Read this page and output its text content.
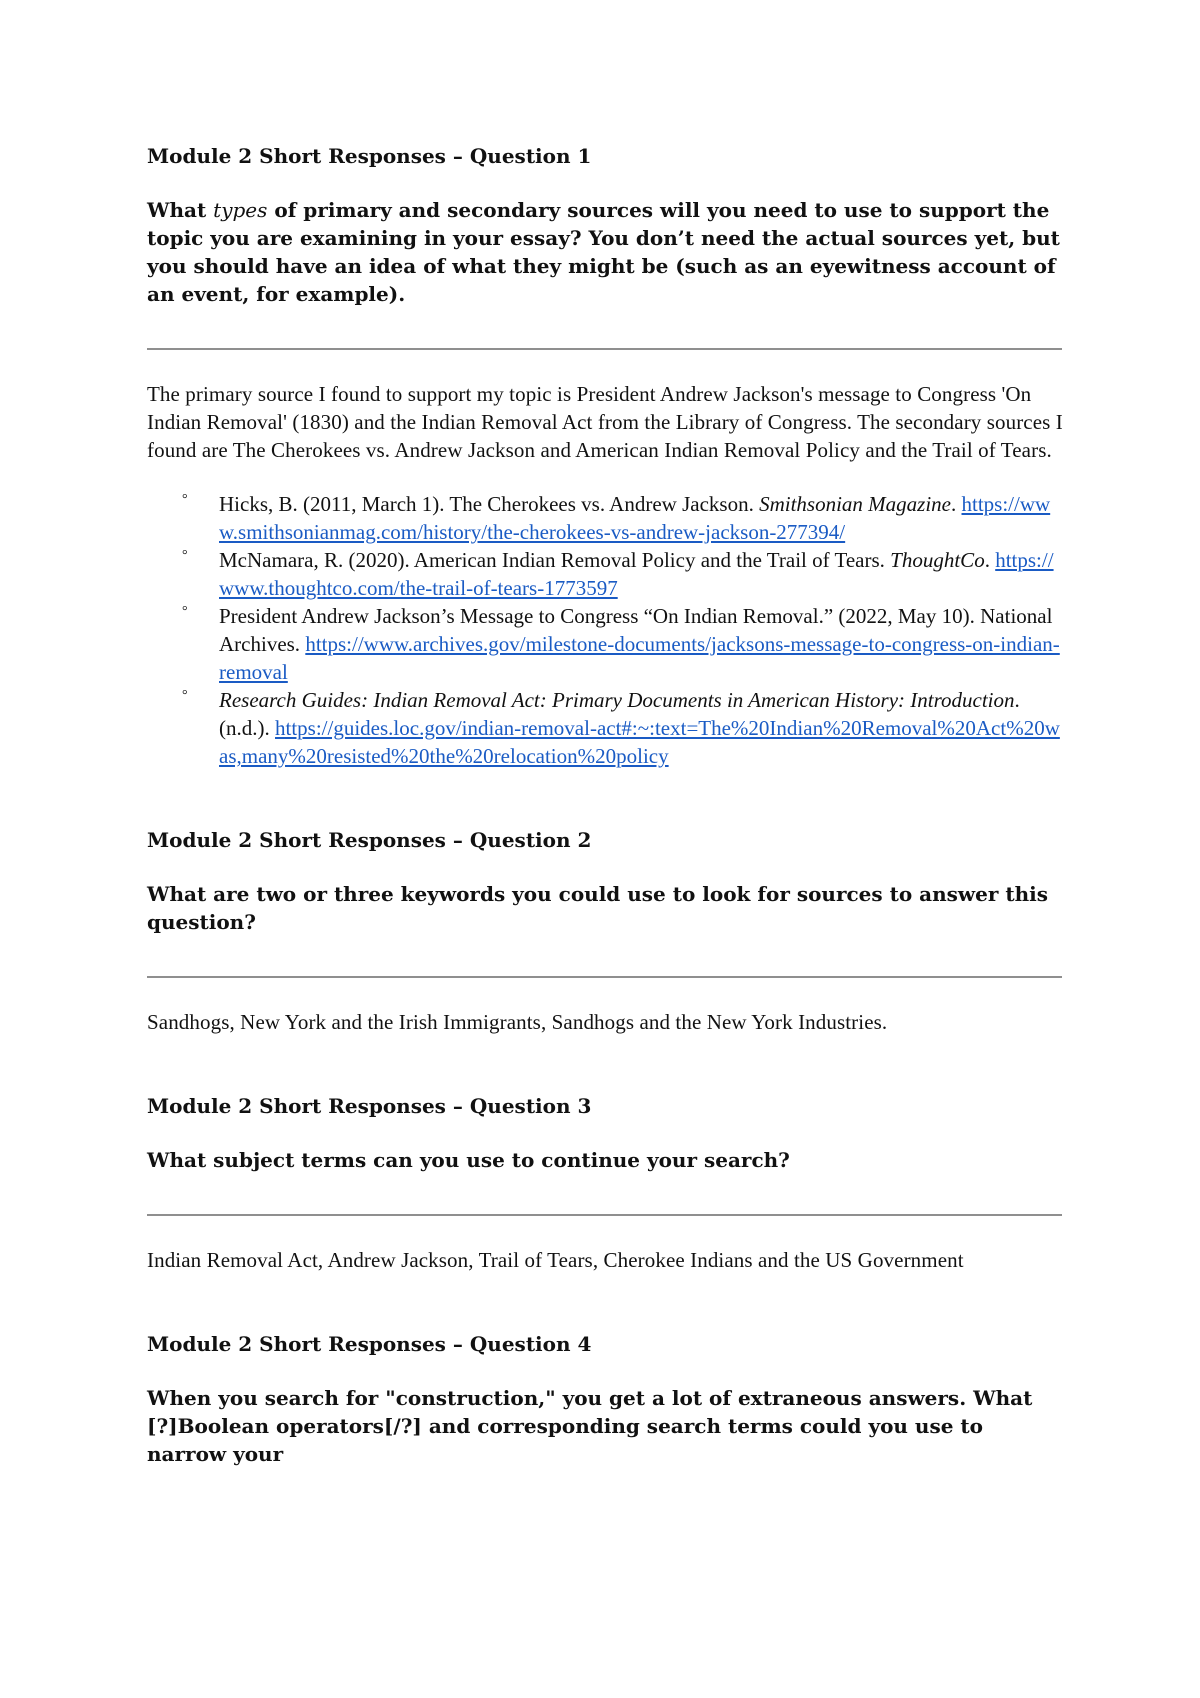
Module 2 Short Responses – Question 1

What types of primary and secondary sources will you need to use to support the topic you are examining in your essay? You don’t need the actual sources yet, but you should have an idea of what they might be (such as an eyewitness account of an event, for example).

The primary source I found to support my topic is President Andrew Jackson's message to Congress 'On Indian Removal' (1830) and the Indian Removal Act from the Library of Congress. The secondary sources I found are The Cherokees vs. Andrew Jackson and American Indian Removal Policy and the Trail of Tears.

° Hicks, B. (2011, March 1). The Cherokees vs. Andrew Jackson. Smithsonian Magazine. https://www.smithsonianmag.com/history/the-cherokees-vs-andrew-jackson-277394/
° McNamara, R. (2020). American Indian Removal Policy and the Trail of Tears. ThoughtCo. https://www.thoughtco.com/the-trail-of-tears-1773597
° President Andrew Jackson’s Message to Congress “On Indian Removal.” (2022, May 10). National Archives. https://www.archives.gov/milestone-documents/jacksons-message-to-congress-on-indian-removal
° Research Guides: Indian Removal Act: Primary Documents in American History: Introduction. (n.d.). https://guides.loc.gov/indian-removal-act#:~:text=The%20Indian%20Removal%20Act%20was,many%20resisted%20the%20relocation%20policy

Module 2 Short Responses – Question 2

What are two or three keywords you could use to look for sources to answer this question?

Sandhogs, New York and the Irish Immigrants, Sandhogs and the New York Industries.

Module 2 Short Responses – Question 3

What subject terms can you use to continue your search?

Indian Removal Act, Andrew Jackson, Trail of Tears, Cherokee Indians and the US Government

Module 2 Short Responses – Question 4

When you search for "construction," you get a lot of extraneous answers. What [?]Boolean operators[/?] and corresponding search terms could you use to narrow your
